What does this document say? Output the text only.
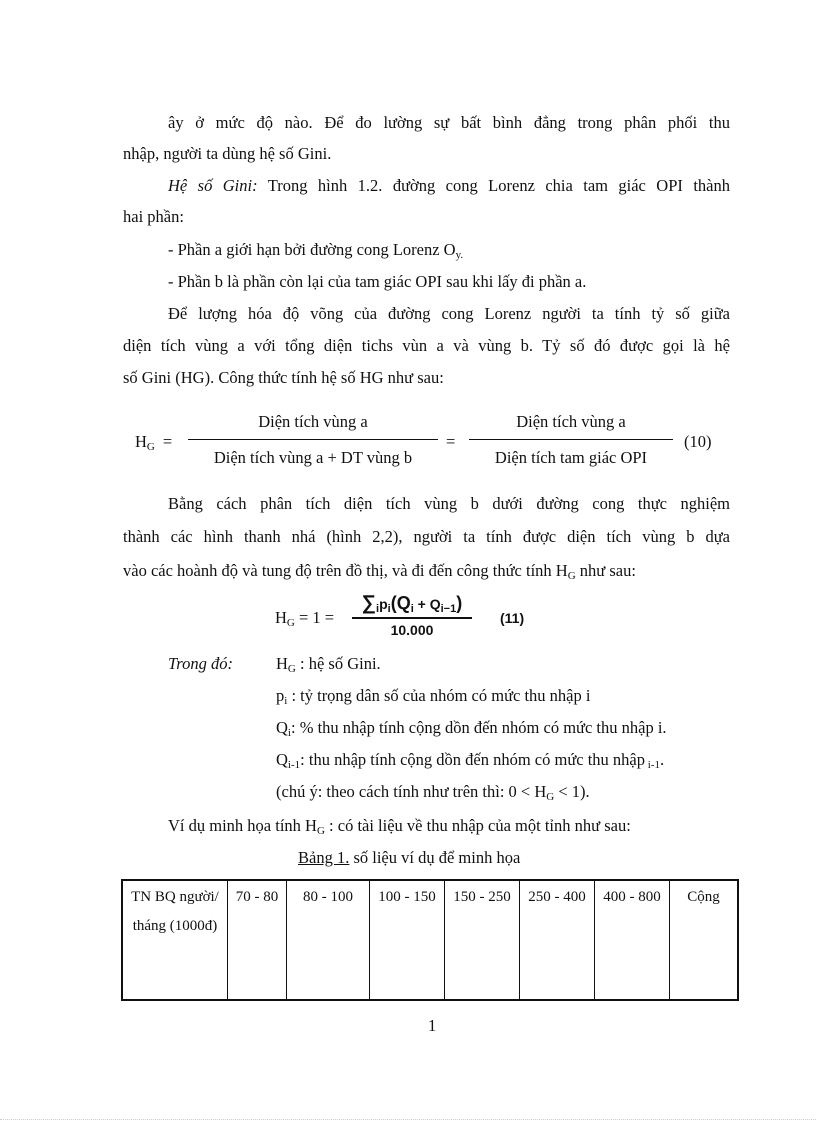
ây ở mức độ nào. Để đo lường sự bất bình đẳng trong phân phối thu
nhập, người ta dùng hệ số Gini.
Hệ số Gini: Trong hình 1.2. đường cong Lorenz chia tam giác OPI thành
hai phần:
- Phần a giới hạn bởi đường cong Lorenz $O_{y.}$
- Phần b là phần còn lại của tam giác OPI sau khi lấy đi phần a.
Để lượng hóa độ võng của đường cong Lorenz người ta tính tỷ số giữa
diện tích vùng a với tổng diện tichs vùn a và vùng b. Tỷ số đó được gọi là hệ
số Gini (HG). Công thức tính hệ số HG như sau:
$H_G$ =
Diện tích vùng a
Diện tích vùng a + DT vùng b
=
Diện tích vùng a
Diện tích tam giác OPI
(10)
Bằng cách phân tích diện tích vùng b dưới đường cong thực nghiệm
thành các hình thanh nhá (hình 2,2), người ta tính được diện tích vùng b dựa
vào các hoành độ và tung độ trên đồ thị, và đi đến công thức tính $H_G$ như sau:
$H_G = 1$ =
$\sum_ip_i(Q_i + Q_{i-1})$
10.000
(11)
Trong đó:	$H_G$ : hệ số Gini.
$p_i$ : tỷ trọng dân số của nhóm có mức thu nhập i
$Q_i$: % thu nhập tính cộng dồn đến nhóm có mức thu nhập i.
$Q_{i-1}$: thu nhập tính cộng dồn đến nhóm có mức thu nhập $_{i-1}$.
(chú ý: theo cách tính như trên thì: $0 < H_G < 1$).
Ví dụ minh họa tính $H_G$ : có tài liệu về thu nhập của một tỉnh như sau:
Bảng 1. số liệu ví dụ để minh họa
TN BQ người/ tháng (1000đ)	70 - 80	80 - 100	100 - 150	150 - 250	250 - 400	400 - 800	Cộng
1
